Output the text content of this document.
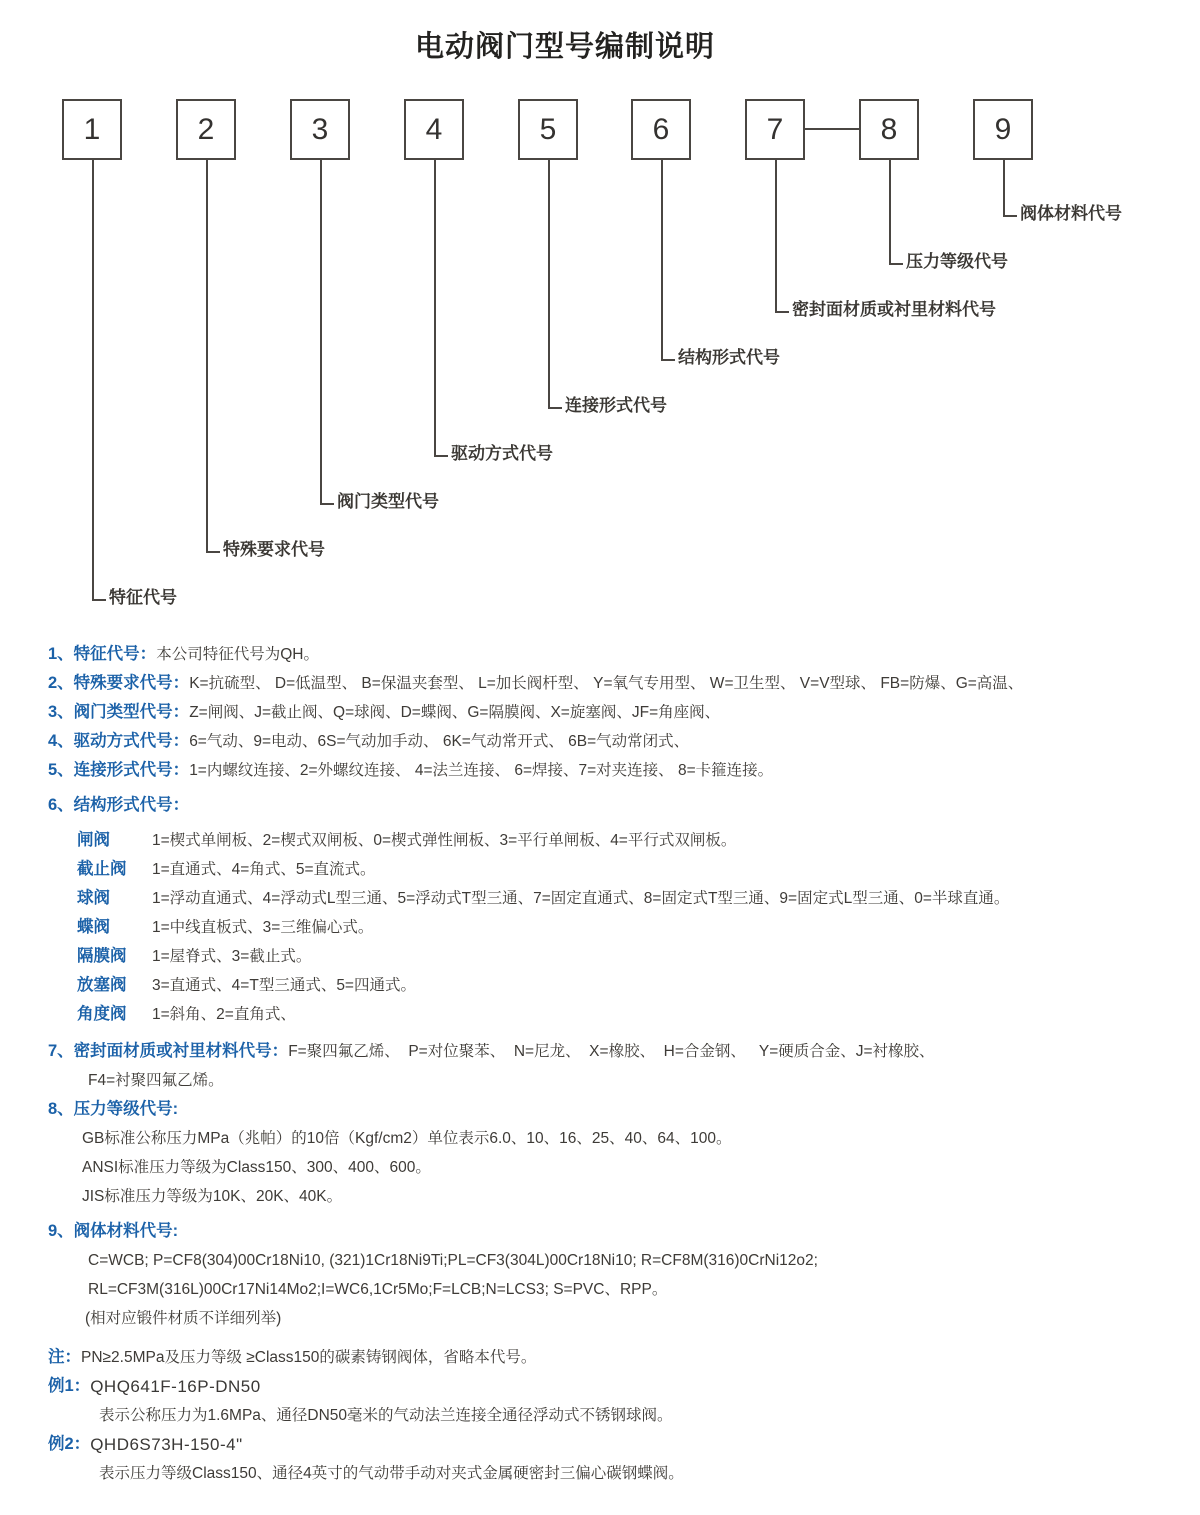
电动阀门型号编制说明
1	2	3	4	5	6	7	8	9
特征代号
特殊要求代号
阀门类型代号
驱动方式代号
连接形式代号
结构形式代号
密封面材质或衬里材料代号
压力等级代号
阀体材料代号
1、特征代号： 本公司特征代号为QH。
2、特殊要求代号： K=抗硫型、 D=低温型、 B=保温夹套型、 L=加长阀杆型、 Y=氧气专用型、 W=卫生型、 V=V型球、 FB=防爆、G=高温、
3、阀门类型代号： Z=闸阀、J=截止阀、Q=球阀、D=蝶阀、G=隔膜阀、X=旋塞阀、JF=角座阀、
4、驱动方式代号： 6=气动、9=电动、6S=气动加手动、 6K=气动常开式、 6B=气动常闭式、
5、连接形式代号： 1=内螺纹连接、2=外螺纹连接、 4=法兰连接、 6=焊接、7=对夹连接、 8=卡箍连接。
6、结构形式代号：
闸阀	1=楔式单闸板、2=楔式双闸板、0=楔式弹性闸板、3=平行单闸板、4=平行式双闸板。
截止阀	1=直通式、4=角式、5=直流式。
球阀	1=浮动直通式、4=浮动式L型三通、5=浮动式T型三通、7=固定直通式、8=固定式T型三通、9=固定式L型三通、0=半球直通。
蝶阀	1=中线直板式、3=三维偏心式。
隔膜阀	1=屋脊式、3=截止式。
放塞阀	3=直通式、4=T型三通式、5=四通式。
角度阀	1=斜角、2=直角式、
7、密封面材质或衬里材料代号： F=聚四氟乙烯、  P=对位聚苯、  N=尼龙、  X=橡胶、  H=合金钢、   Y=硬质合金、J=衬橡胶、
F4=衬聚四氟乙烯。
8、压力等级代号:
GB标准公称压力MPa（兆帕）的10倍（Kgf/cm2）单位表示6.0、10、16、25、40、64、100。
ANSI标准压力等级为Class150、300、400、600。
JIS标准压力等级为10K、20K、40K。
9、阀体材料代号:
C=WCB; P=CF8(304)00Cr18Ni10, (321)1Cr18Ni9Ti;PL=CF3(304L)00Cr18Ni10; R=CF8M(316)0CrNi12o2;
RL=CF3M(316L)00Cr17Ni14Mo2;I=WC6,1Cr5Mo;F=LCB;N=LCS3; S=PVC、RPP。
(相对应锻件材质不详细列举)
注： PN≥2.5MPa及压力等级 ≥Class150的碳素铸钢阀体，省略本代号。
例1： QHQ641F-16P-DN50
表示公称压力为1.6MPa、通径DN50毫米的气动法兰连接全通径浮动式不锈钢球阀。
例2： QHD6S73H-150-4"
表示压力等级Class150、通径4英寸的气动带手动对夹式金属硬密封三偏心碳钢蝶阀。
